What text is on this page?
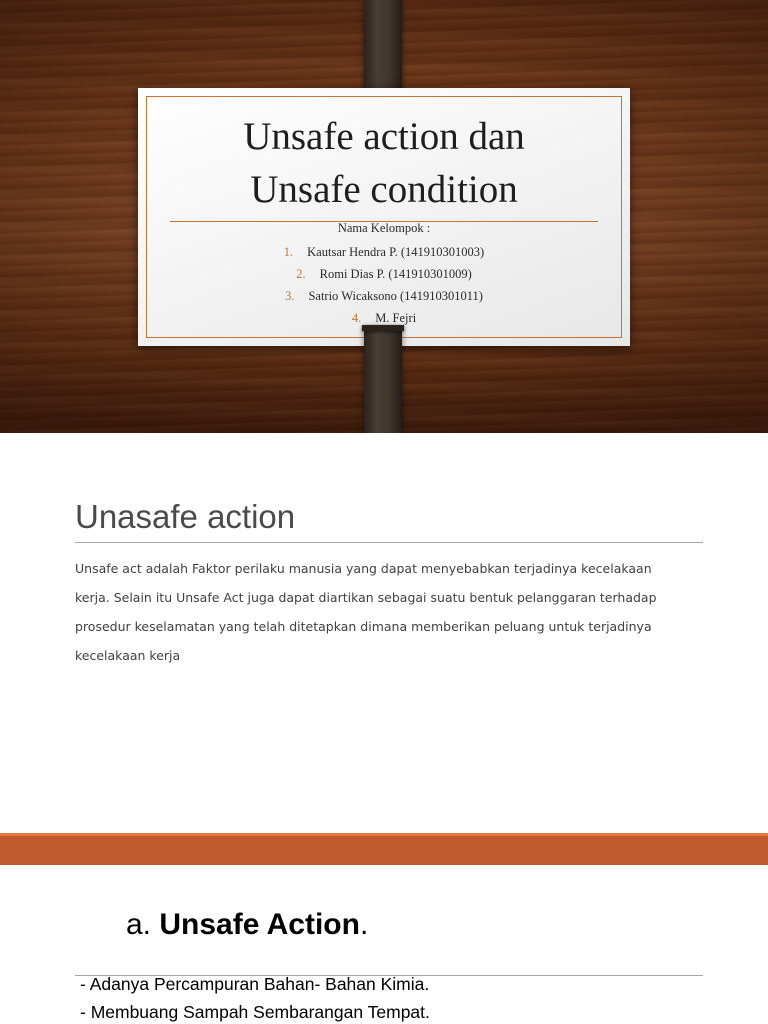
Unsafe action dan
Unsafe condition
Nama Kelompok :
1. Kautsar Hendra P. (141910301003)
2. Romi Dias P. (141910301009)
3. Satrio Wicaksono (141910301011)
4. M. Fejri
Unasafe action

Unsafe act adalah Faktor perilaku manusia yang dapat menyebabkan terjadinya kecelakaan kerja. Selain itu Unsafe Act juga dapat diartikan sebagai suatu bentuk pelanggaran terhadap prosedur keselamatan yang telah ditetapkan dimana memberikan peluang untuk terjadinya kecelakaan kerja

a. Unsafe Action.
- Adanya Percampuran Bahan- Bahan Kimia.
- Membuang Sampah Sembarangan Tempat.
